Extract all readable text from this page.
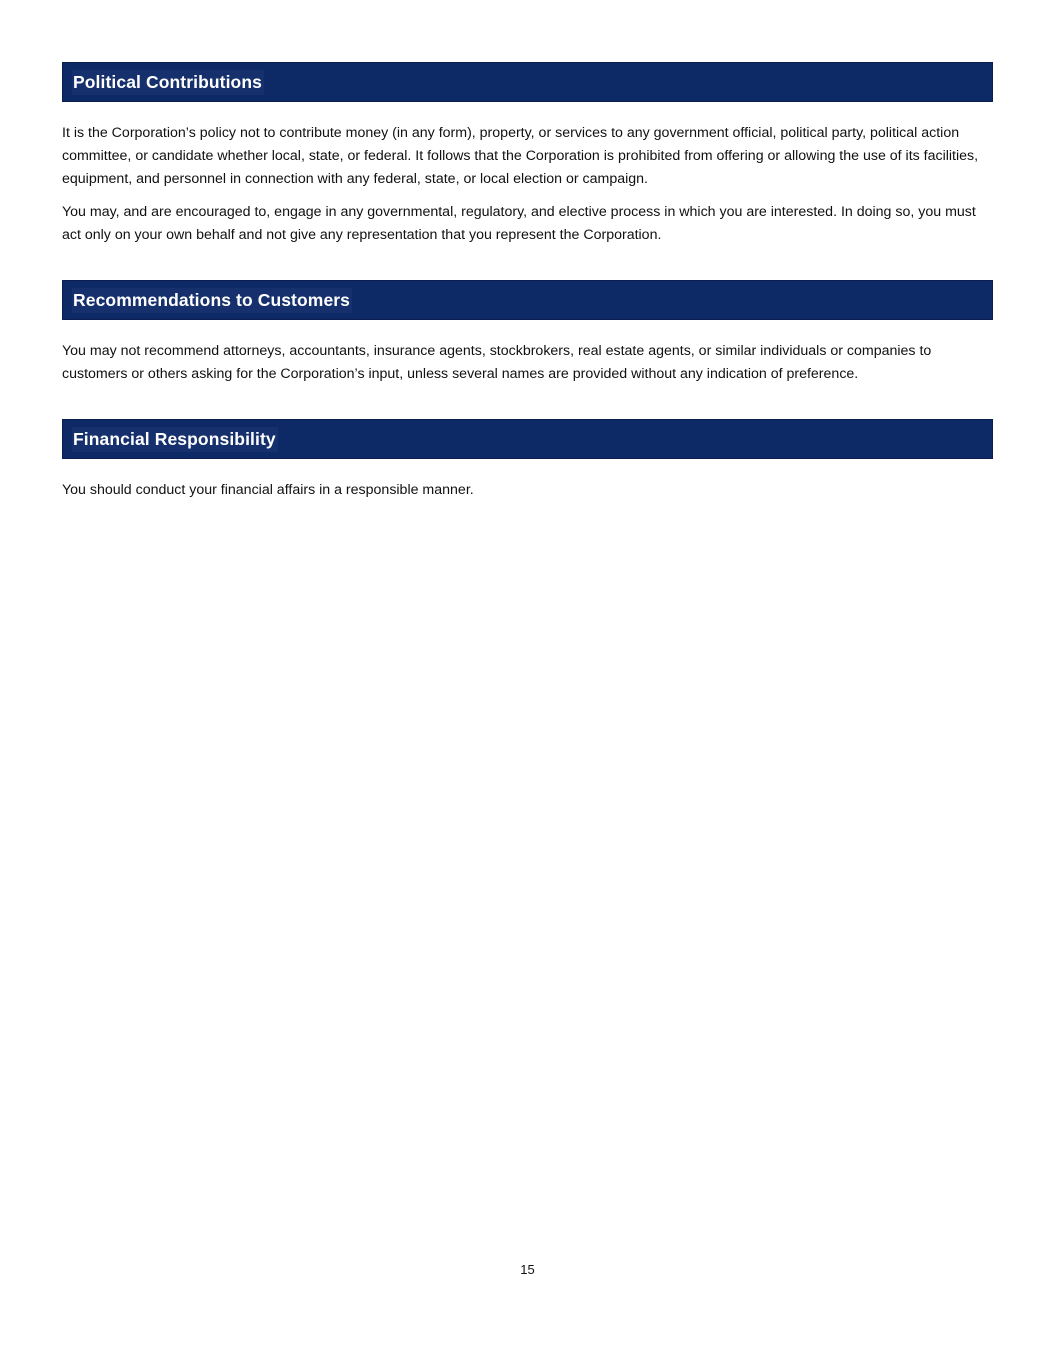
Political Contributions

It is the Corporation’s policy not to contribute money (in any form), property, or services to any government official, political party, political action committee, or candidate whether local, state, or federal. It follows that the Corporation is prohibited from offering or allowing the use of its facilities, equipment, and personnel in connection with any federal, state, or local election or campaign.

You may, and are encouraged to, engage in any governmental, regulatory, and elective process in which you are interested. In doing so, you must act only on your own behalf and not give any representation that you represent the Corporation.

Recommendations to Customers

You may not recommend attorneys, accountants, insurance agents, stockbrokers, real estate agents, or similar individuals or companies to customers or others asking for the Corporation’s input, unless several names are provided without any indication of preference.

Financial Responsibility

You should conduct your financial affairs in a responsible manner.

15
